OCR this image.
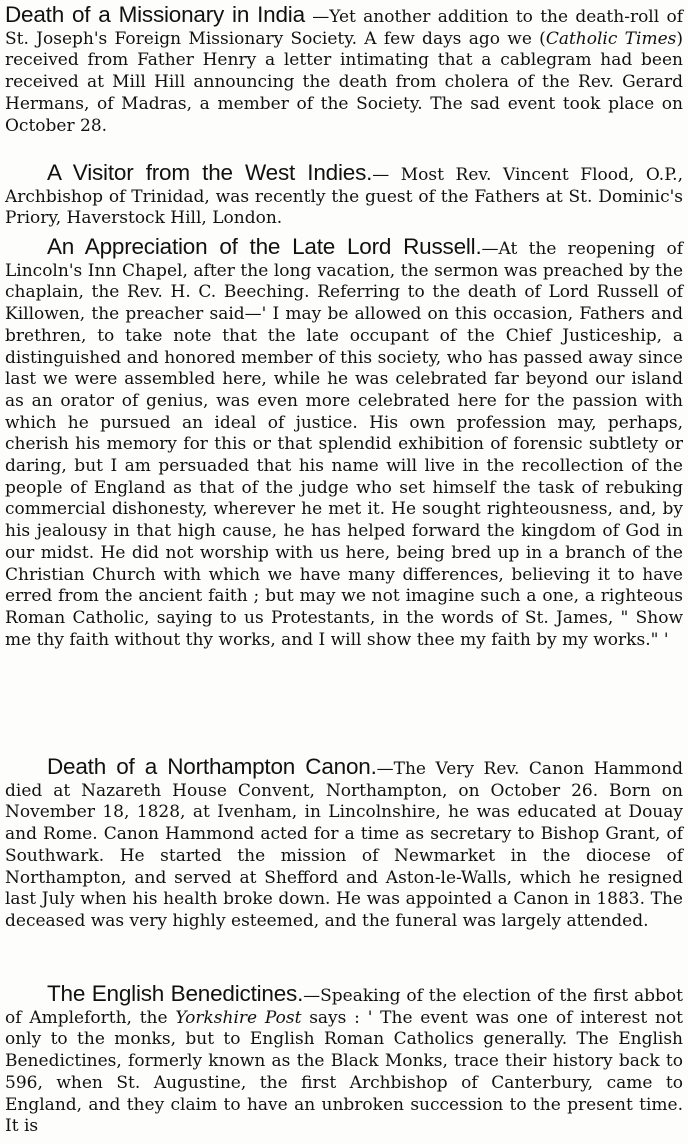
Death of a Missionary in India —Yet another addition to the death-roll of St. Joseph's Foreign Missionary Society. A few days ago we (Catholic Times) received from Father Henry a letter intimating that a cablegram had been received at Mill Hill announcing the death from cholera of the Rev. Gerard Hermans, of Madras, a member of the Society. The sad event took place on October 28.

A Visitor from the West Indies.— Most Rev. Vincent Flood, O.P., Archbishop of Trinidad, was recently the guest of the Fathers at St. Dominic's Priory, Haverstock Hill, London.

An Appreciation of the Late Lord Russell.—At the reopening of Lincoln's Inn Chapel, after the long vacation, the sermon was preached by the chaplain, the Rev. H. C. Beeching. Referring to the death of Lord Russell of Killowen, the preacher said—' I may be allowed on this occasion, Fathers and brethren, to take note that the late occupant of the Chief Justiceship, a distinguished and honored member of this society, who has passed away since last we were assembled here, while he was celebrated far beyond our island as an orator of genius, was even more celebrated here for the passion with which he pursued an ideal of justice. His own profession may, perhaps, cherish his memory for this or that splendid exhibition of forensic subtlety or daring, but I am persuaded that his name will live in the recollection of the people of England as that of the judge who set himself the task of rebuking commercial dishonesty, wherever he met it. He sought righteousness, and, by his jealousy in that high cause, he has helped forward the kingdom of God in our midst. He did not worship with us here, being bred up in a branch of the Christian Church with which we have many differences, believing it to have erred from the ancient faith ; but may we not imagine such a one, a righteous Roman Catholic, saying to us Protestants, in the words of St. James, " Show me thy faith without thy works, and I will show thee my faith by my works." '

Death of a Northampton Canon.—The Very Rev. Canon Hammond died at Nazareth House Convent, Northampton, on October 26. Born on November 18, 1828, at Ivenham, in Lincolnshire, he was educated at Douay and Rome. Canon Hammond acted for a time as secretary to Bishop Grant, of Southwark. He started the mission of Newmarket in the diocese of Northampton, and served at Shefford and Aston-le-Walls, which he resigned last July when his health broke down. He was appointed a Canon in 1883. The deceased was very highly esteemed, and the funeral was largely attended.

The English Benedictines.—Speaking of the election of the first abbot of Ampleforth, the Yorkshire Post says : ' The event was one of interest not only to the monks, but to English Roman Catholics generally. The English Benedictines, formerly known as the Black Monks, trace their history back to 596, when St. Augustine, the first Archbishop of Canterbury, came to England, and they claim to have an unbroken succession to the present time. It is
